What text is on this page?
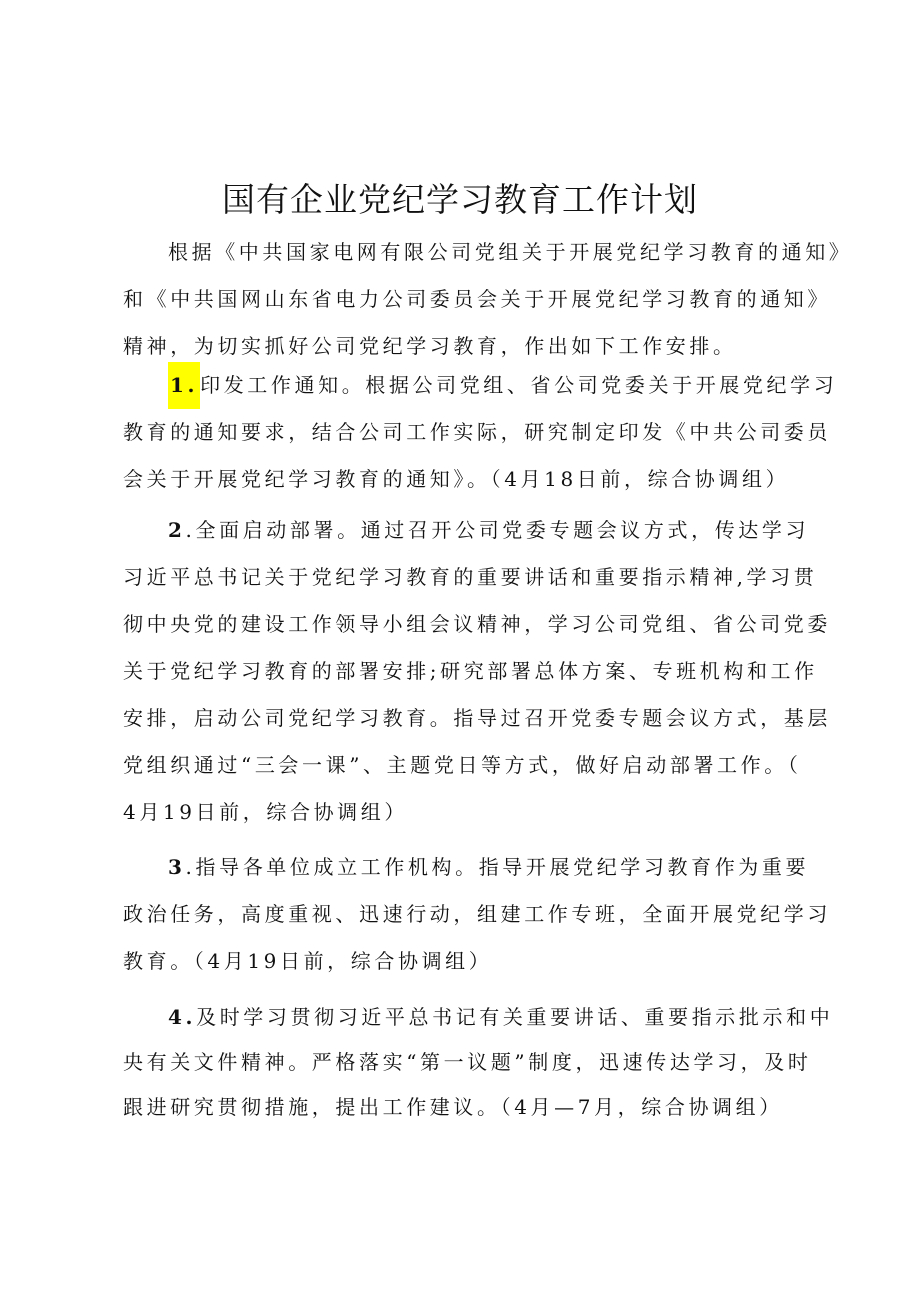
国有企业党纪学习教育工作计划
根据《中共国家电网有限公司党组关于开展党纪学习教育的通知》
和《中共国网山东省电力公司委员会关于开展党纪学习教育的通知》
精神，为切实抓好公司党纪学习教育，作出如下工作安排。
1. 印发工作通知。根据公司党组、省公司党委关于开展党纪学习
教育的通知要求，结合公司工作实际，研究制定印发《中共公司委员
会关于开展党纪学习教育的通知》。（4月18日前，综合协调组）
2.全面启动部署。通过召开公司党委专题会议方式，传达学习
习近平总书记关于党纪学习教育的重要讲话和重要指示精神,学习贯
彻中央党的建设工作领导小组会议精神，学习公司党组、省公司党委
关于党纪学习教育的部署安排;研究部署总体方案、专班机构和工作
安排，启动公司党纪学习教育。指导过召开党委专题会议方式，基层
党组织通过“三会一课”、主题党日等方式，做好启动部署工作。（
4月19日前，综合协调组）
3.指导各单位成立工作机构。指导开展党纪学习教育作为重要
政治任务，高度重视、迅速行动，组建工作专班，全面开展党纪学习
教育。（4月19日前，综合协调组）
4.及时学习贯彻习近平总书记有关重要讲话、重要指示批示和中
央有关文件精神。严格落实“第一议题”制度，迅速传达学习，及时
跟进研究贯彻措施，提出工作建议。（4月—7月，综合协调组）
